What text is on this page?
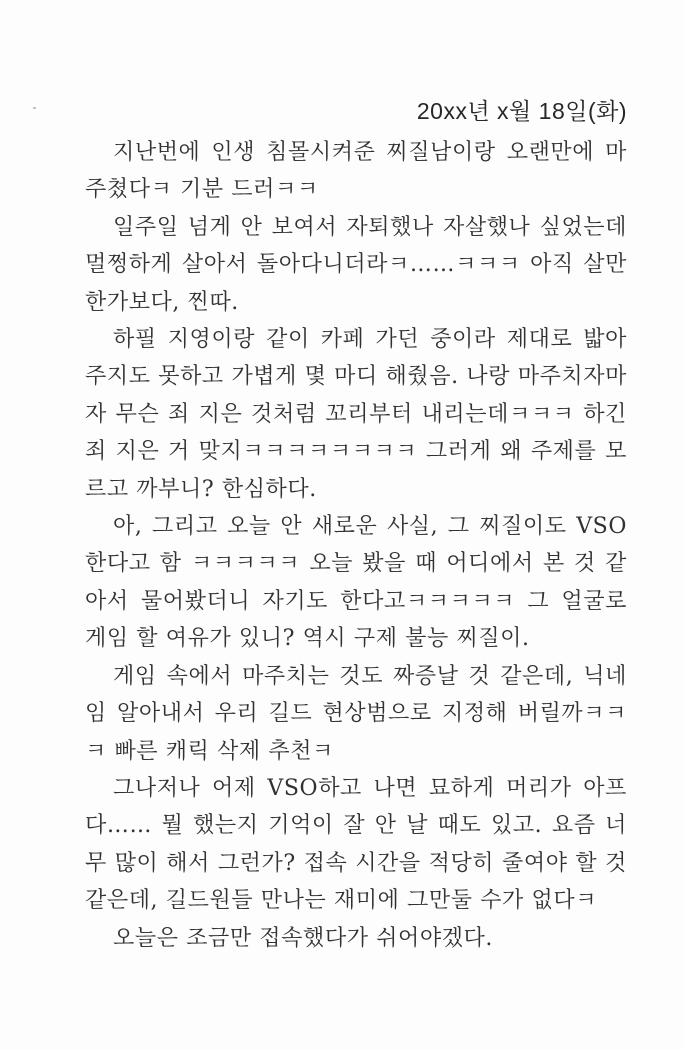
20xx년 x월 18일(화)

지난번에 인생 침몰시켜준 찌질남이랑 오랜만에 마주쳤다ㅋ 기분 드러ㅋㅋ

일주일 넘게 안 보여서 자퇴했나 자살했나 싶었는데 멀쩡하게 살아서 돌아다니더라ㅋ……ㅋㅋㅋ 아직 살만한가보다, 찐따.

하필 지영이랑 같이 카페 가던 중이라 제대로 밟아 주지도 못하고 가볍게 몇 마디 해줬음. 나랑 마주치자마자 무슨 죄 지은 것처럼 꼬리부터 내리는데ㅋㅋㅋ 하긴 죄 지은 거 맞지ㅋㅋㅋㅋㅋㅋㅋㅋ 그러게 왜 주제를 모르고 까부니? 한심하다.

아, 그리고 오늘 안 새로운 사실, 그 찌질이도 VSO 한다고 함 ㅋㅋㅋㅋㅋ 오늘 봤을 때 어디에서 본 것 같아서 물어봤더니 자기도 한다고ㅋㅋㅋㅋㅋ 그 얼굴로 게임 할 여유가 있니? 역시 구제 불능 찌질이.

게임 속에서 마주치는 것도 짜증날 것 같은데, 닉네임 알아내서 우리 길드 현상범으로 지정해 버릴까ㅋㅋㅋ 빠른 캐릭 삭제 추천ㅋ

그나저나 어제 VSO하고 나면 묘하게 머리가 아프다…… 뭘 했는지 기억이 잘 안 날 때도 있고. 요즘 너무 많이 해서 그런가? 접속 시간을 적당히 줄여야 할 것 같은데, 길드원들 만나는 재미에 그만둘 수가 없다ㅋ

오늘은 조금만 접속했다가 쉬어야겠다.
